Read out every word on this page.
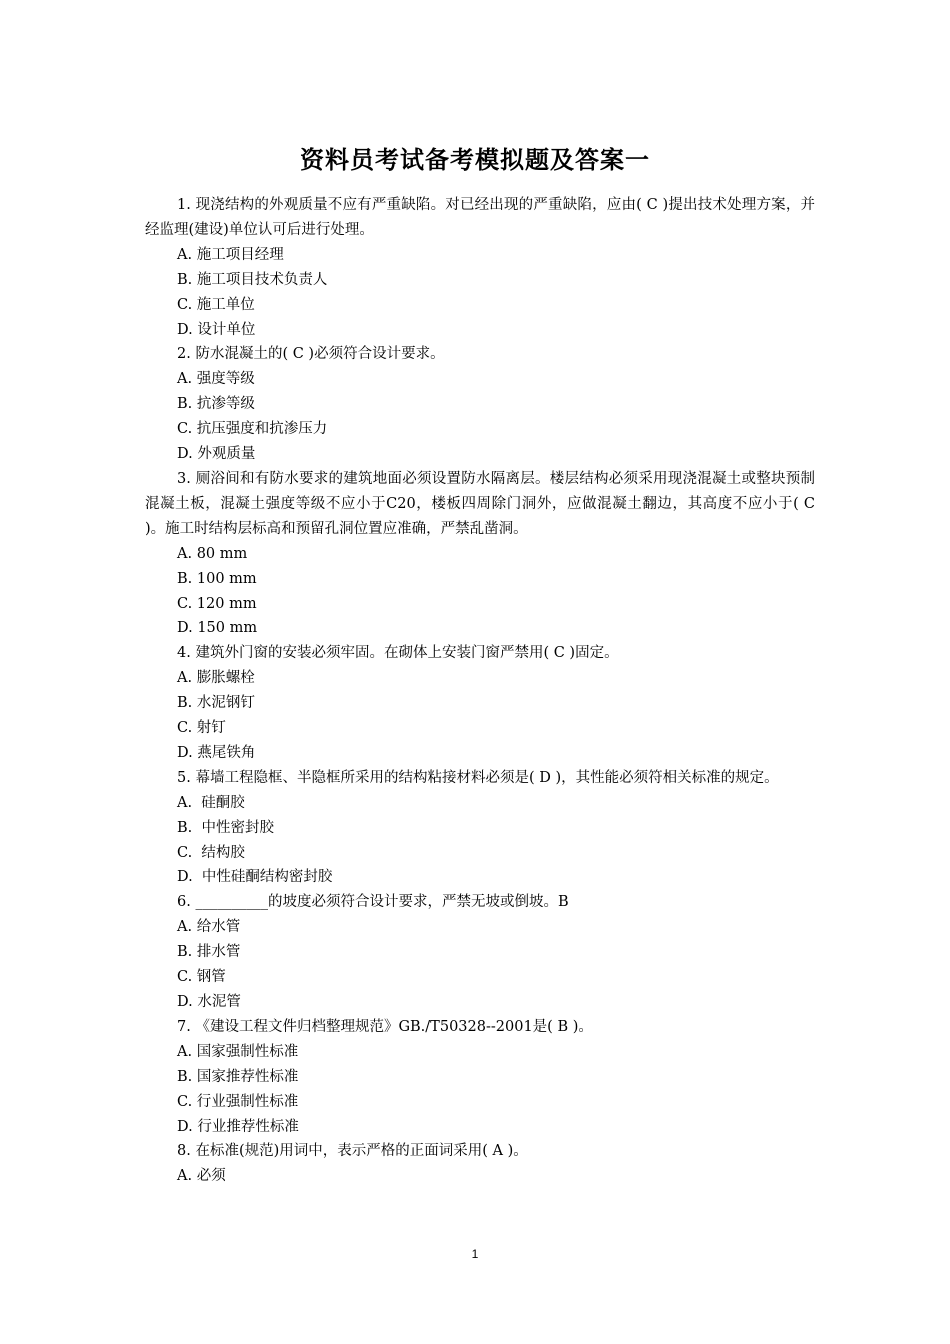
资料员考试备考模拟题及答案一

1. 现浇结构的外观质量不应有严重缺陷。对已经出现的严重缺陷，应由( C )提出技术处理方案，并经监理(建设)单位认可后进行处理。

A. 施工项目经理

B. 施工项目技术负责人

C. 施工单位

D. 设计单位

2. 防水混凝土的( C )必须符合设计要求。

A. 强度等级

B. 抗渗等级

C. 抗压强度和抗渗压力

D. 外观质量

3. 厕浴间和有防水要求的建筑地面必须设置防水隔离层。楼层结构必须采用现浇混凝土或整块预制混凝土板，混凝土强度等级不应小于C20，楼板四周除门洞外，应做混凝土翻边，其高度不应小于( C )。施工时结构层标高和预留孔洞位置应准确，严禁乱凿洞。

A. 80 mm

B. 100 mm

C. 120 mm

D. 150 mm

4. 建筑外门窗的安装必须牢固。在砌体上安装门窗严禁用( C )固定。

A. 膨胀螺栓

B. 水泥钢钉

C. 射钉

D. 燕尾铁角

5. 幕墙工程隐框、半隐框所采用的结构粘接材料必须是( D )，其性能必须符相关标准的规定。

A.  硅酮胶

B.  中性密封胶

C.  结构胶

D.  中性硅酮结构密封胶

6. __________的坡度必须符合设计要求，严禁无坡或倒坡。B

A. 给水管

B. 排水管

C. 钢管

D. 水泥管

7. 《建设工程文件归档整理规范》GB./T50328--2001是( B )。

A. 国家强制性标准

B. 国家推荐性标准

C. 行业强制性标准

D. 行业推荐性标准

8. 在标准(规范)用词中，表示严格的正面词采用( A )。

A. 必须

1
